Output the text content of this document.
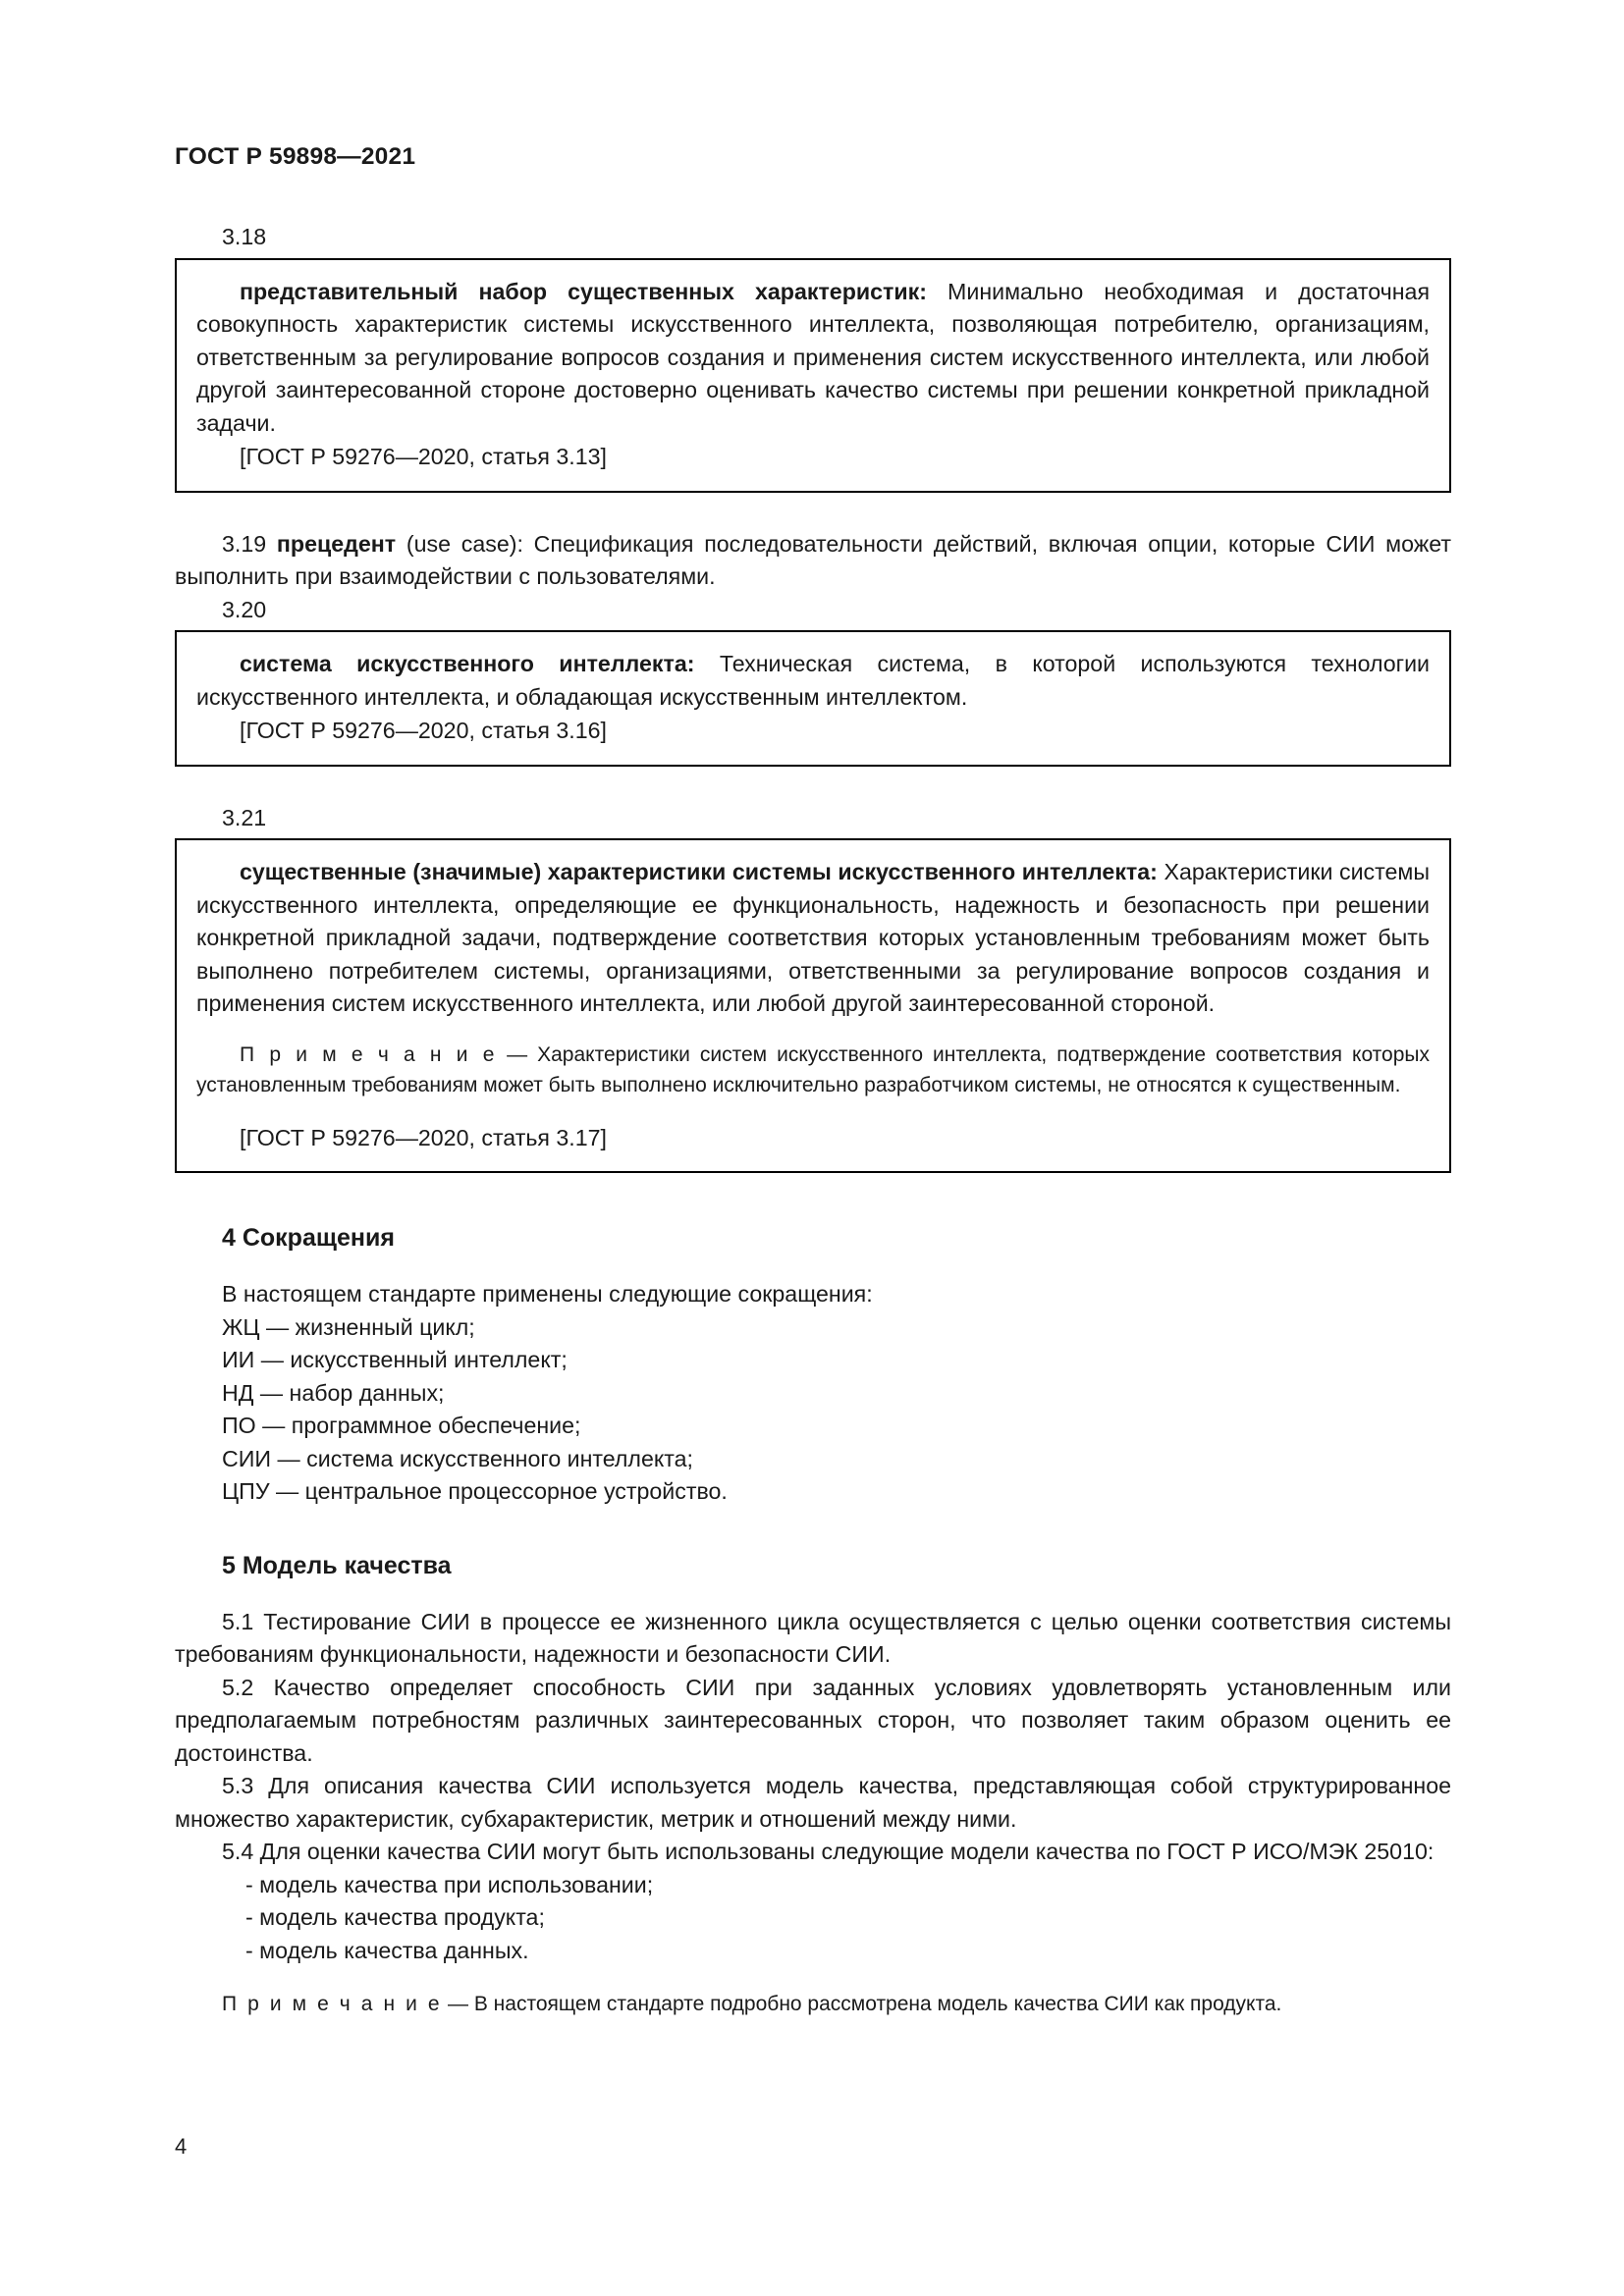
ГОСТ Р 59898—2021
3.18

представительный набор существенных характеристик: Минимально необходимая и достаточная совокупность характеристик системы искусственного интеллекта, позволяющая потребителю, организациям, ответственным за регулирование вопросов создания и применения систем искусственного интеллекта, или любой другой заинтересованной стороне достоверно оценивать качество системы при решении конкретной прикладной задачи.

[ГОСТ Р 59276—2020, статья 3.13]

3.19 прецедент (use case): Спецификация последовательности действий, включая опции, которые СИИ может выполнить при взаимодействии с пользователями.
3.20

система искусственного интеллекта: Техническая система, в которой используются технологии искусственного интеллекта, и обладающая искусственным интеллектом.

[ГОСТ Р 59276—2020, статья 3.16]

3.21

существенные (значимые) характеристики системы искусственного интеллекта: Характеристики системы искусственного интеллекта, определяющие ее функциональность, надежность и безопасность при решении конкретной прикладной задачи, подтверждение соответствия которых установленным требованиям может быть выполнено потребителем системы, организациями, ответственными за регулирование вопросов создания и применения систем искусственного интеллекта, или любой другой заинтересованной стороной.

П р и м е ч а н и е — Характеристики систем искусственного интеллекта, подтверждение соответствия которых установленным требованиям может быть выполнено исключительно разработчиком системы, не относятся к существенным.

[ГОСТ Р 59276—2020, статья 3.17]

4 Сокращения
В настоящем стандарте применены следующие сокращения:
ЖЦ — жизненный цикл;
ИИ — искусственный интеллект;
НД — набор данных;
ПО — программное обеспечение;
СИИ — система искусственного интеллекта;
ЦПУ — центральное процессорное устройство.
5 Модель качества
5.1 Тестирование СИИ в процессе ее жизненного цикла осуществляется с целью оценки соответствия системы требованиям функциональности, надежности и безопасности СИИ.
5.2 Качество определяет способность СИИ при заданных условиях удовлетворять установленным или предполагаемым потребностям различных заинтересованных сторон, что позволяет таким образом оценить ее достоинства.
5.3 Для описания качества СИИ используется модель качества, представляющая собой структурированное множество характеристик, субхарактеристик, метрик и отношений между ними.
5.4 Для оценки качества СИИ могут быть использованы следующие модели качества по ГОСТ Р ИСО/МЭК 25010:
- модель качества при использовании;
- модель качества продукта;
- модель качества данных.
П р и м е ч а н и е — В настоящем стандарте подробно рассмотрена модель качества СИИ как продукта.
4
